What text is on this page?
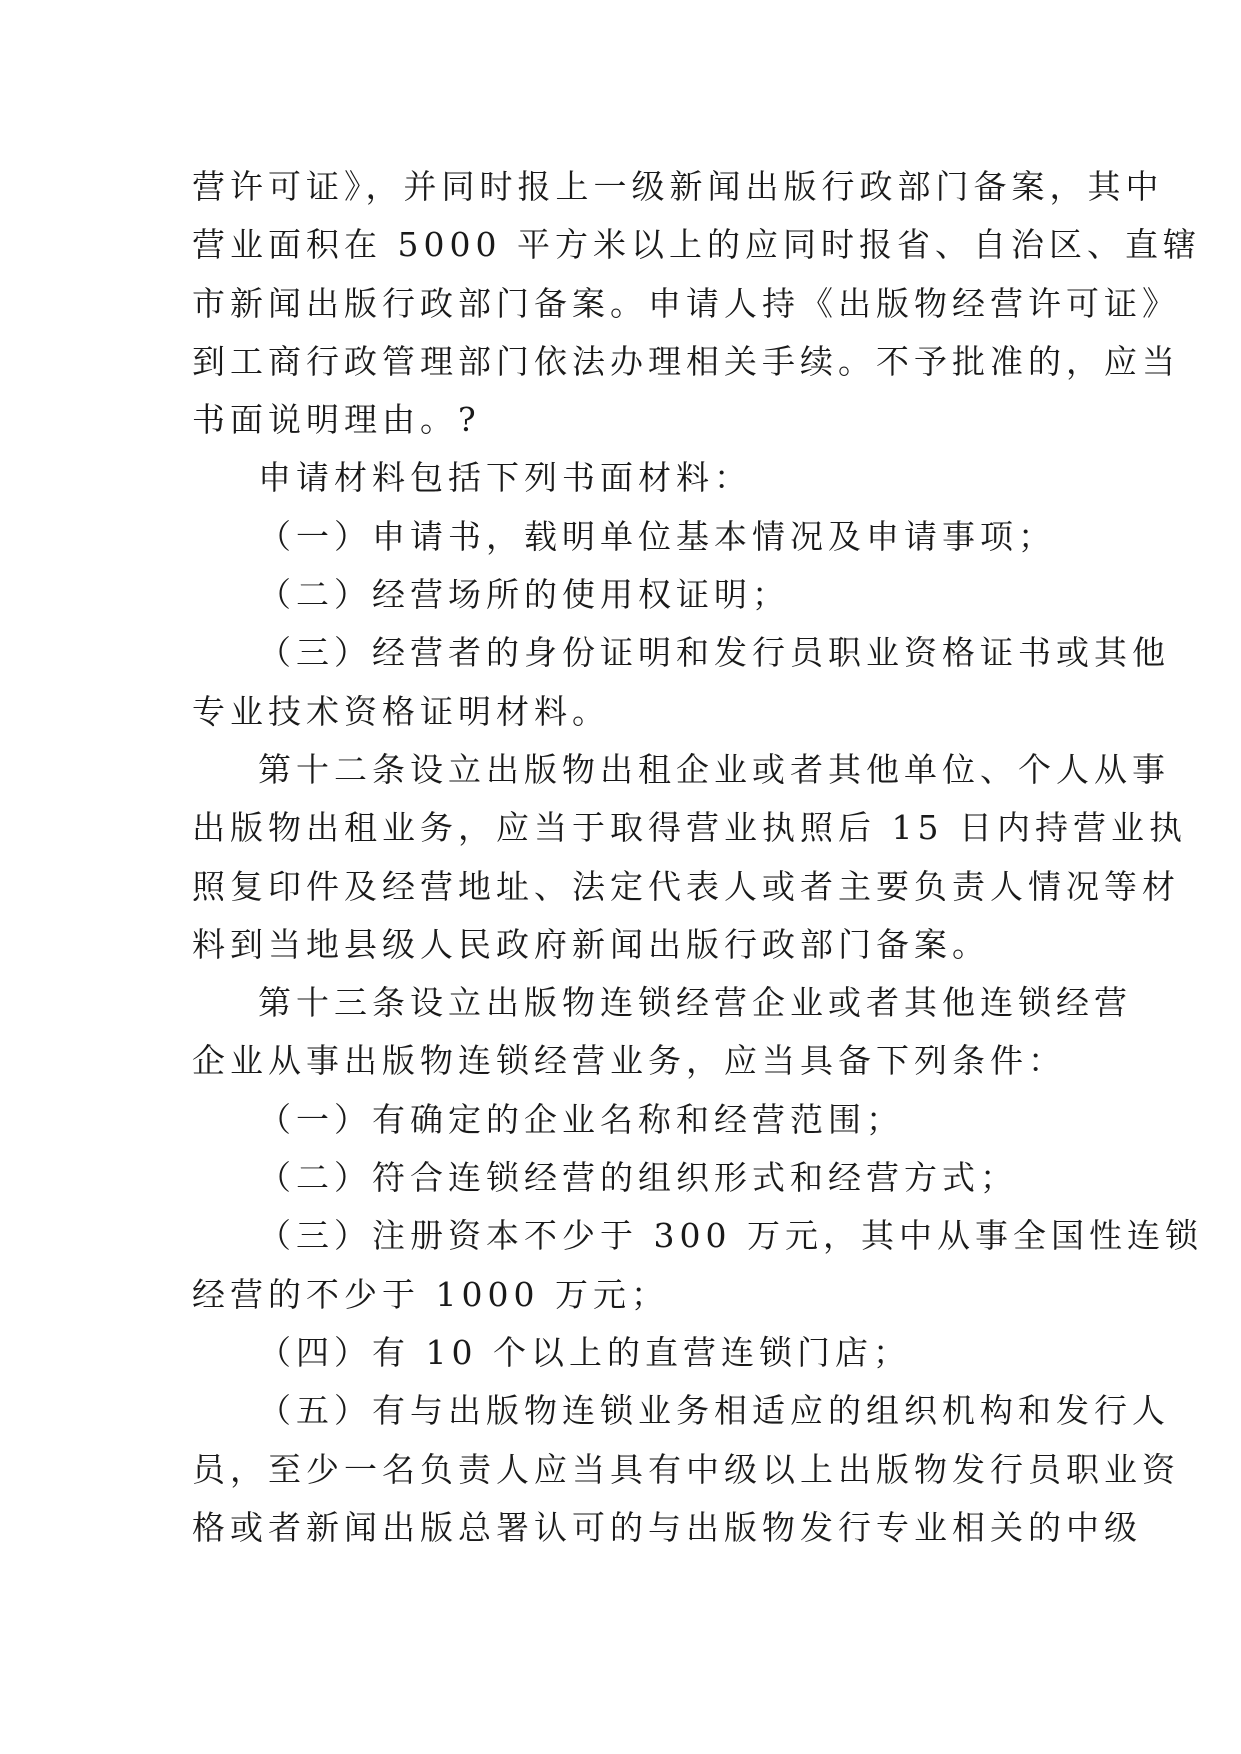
营许可证》，并同时报上一级新闻出版行政部门备案，其中
营业面积在 5000 平方米以上的应同时报省、自治区、直辖
市新闻出版行政部门备案。申请人持《出版物经营许可证》
到工商行政管理部门依法办理相关手续。不予批准的，应当
书面说明理由。?
申请材料包括下列书面材料：
（一）申请书，载明单位基本情况及申请事项；
（二）经营场所的使用权证明；
（三）经营者的身份证明和发行员职业资格证书或其他
专业技术资格证明材料。
第十二条设立出版物出租企业或者其他单位、个人从事
出版物出租业务，应当于取得营业执照后 15 日内持营业执
照复印件及经营地址、法定代表人或者主要负责人情况等材
料到当地县级人民政府新闻出版行政部门备案。
第十三条设立出版物连锁经营企业或者其他连锁经营
企业从事出版物连锁经营业务，应当具备下列条件：
（一）有确定的企业名称和经营范围；
（二）符合连锁经营的组织形式和经营方式；
（三）注册资本不少于 300 万元，其中从事全国性连锁
经营的不少于 1000 万元；
（四）有 10 个以上的直营连锁门店；
（五）有与出版物连锁业务相适应的组织机构和发行人
员，至少一名负责人应当具有中级以上出版物发行员职业资
格或者新闻出版总署认可的与出版物发行专业相关的中级
